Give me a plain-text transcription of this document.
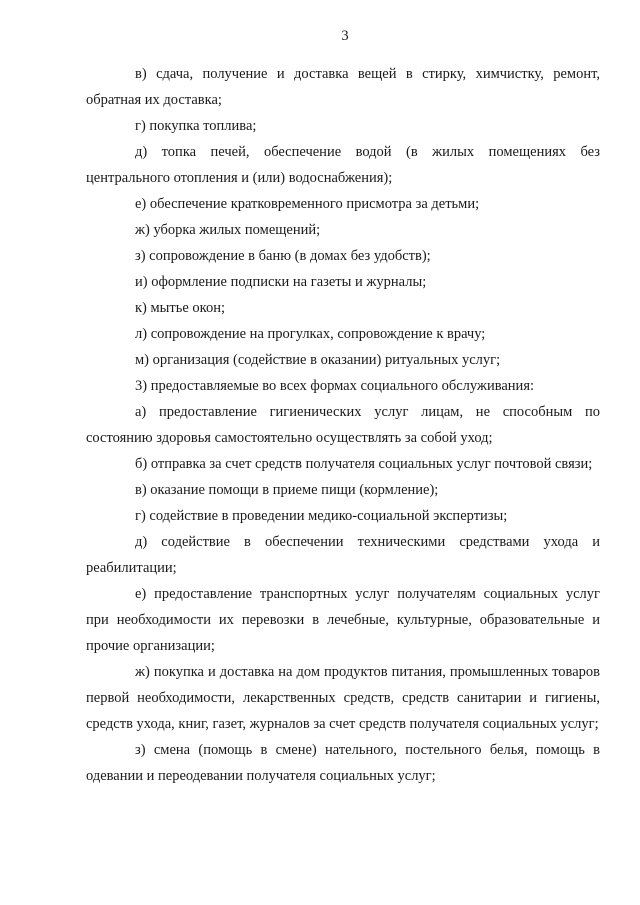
3

в) сдача, получение и доставка вещей в стирку, химчистку, ремонт, обратная их доставка;

г) покупка топлива;

д) топка печей, обеспечение водой (в жилых помещениях без центрального отопления и (или) водоснабжения);

е) обеспечение кратковременного присмотра за детьми;

ж) уборка жилых помещений;

з) сопровождение в баню (в домах без удобств);

и) оформление подписки на газеты и журналы;

к) мытье окон;

л) сопровождение на прогулках, сопровождение к врачу;

м) организация (содействие в оказании) ритуальных услуг;

3) предоставляемые во всех формах социального обслуживания:

а) предоставление гигиенических услуг лицам, не способным по состоянию здоровья самостоятельно осуществлять за собой уход;

б) отправка за счет средств получателя социальных услуг почтовой связи;

в) оказание помощи в приеме пищи (кормление);

г) содействие в проведении медико-социальной экспертизы;

д) содействие в обеспечении техническими средствами ухода и реабилитации;

е) предоставление транспортных услуг получателям социальных услуг при необходимости их перевозки в лечебные, культурные, образовательные и прочие организации;

ж) покупка и доставка на дом продуктов питания, промышленных товаров первой необходимости, лекарственных средств, средств санитарии и гигиены, средств ухода, книг, газет, журналов за счет средств получателя социальных услуг;

з) смена (помощь в смене) нательного, постельного белья, помощь в одевании и переодевании получателя социальных услуг;
